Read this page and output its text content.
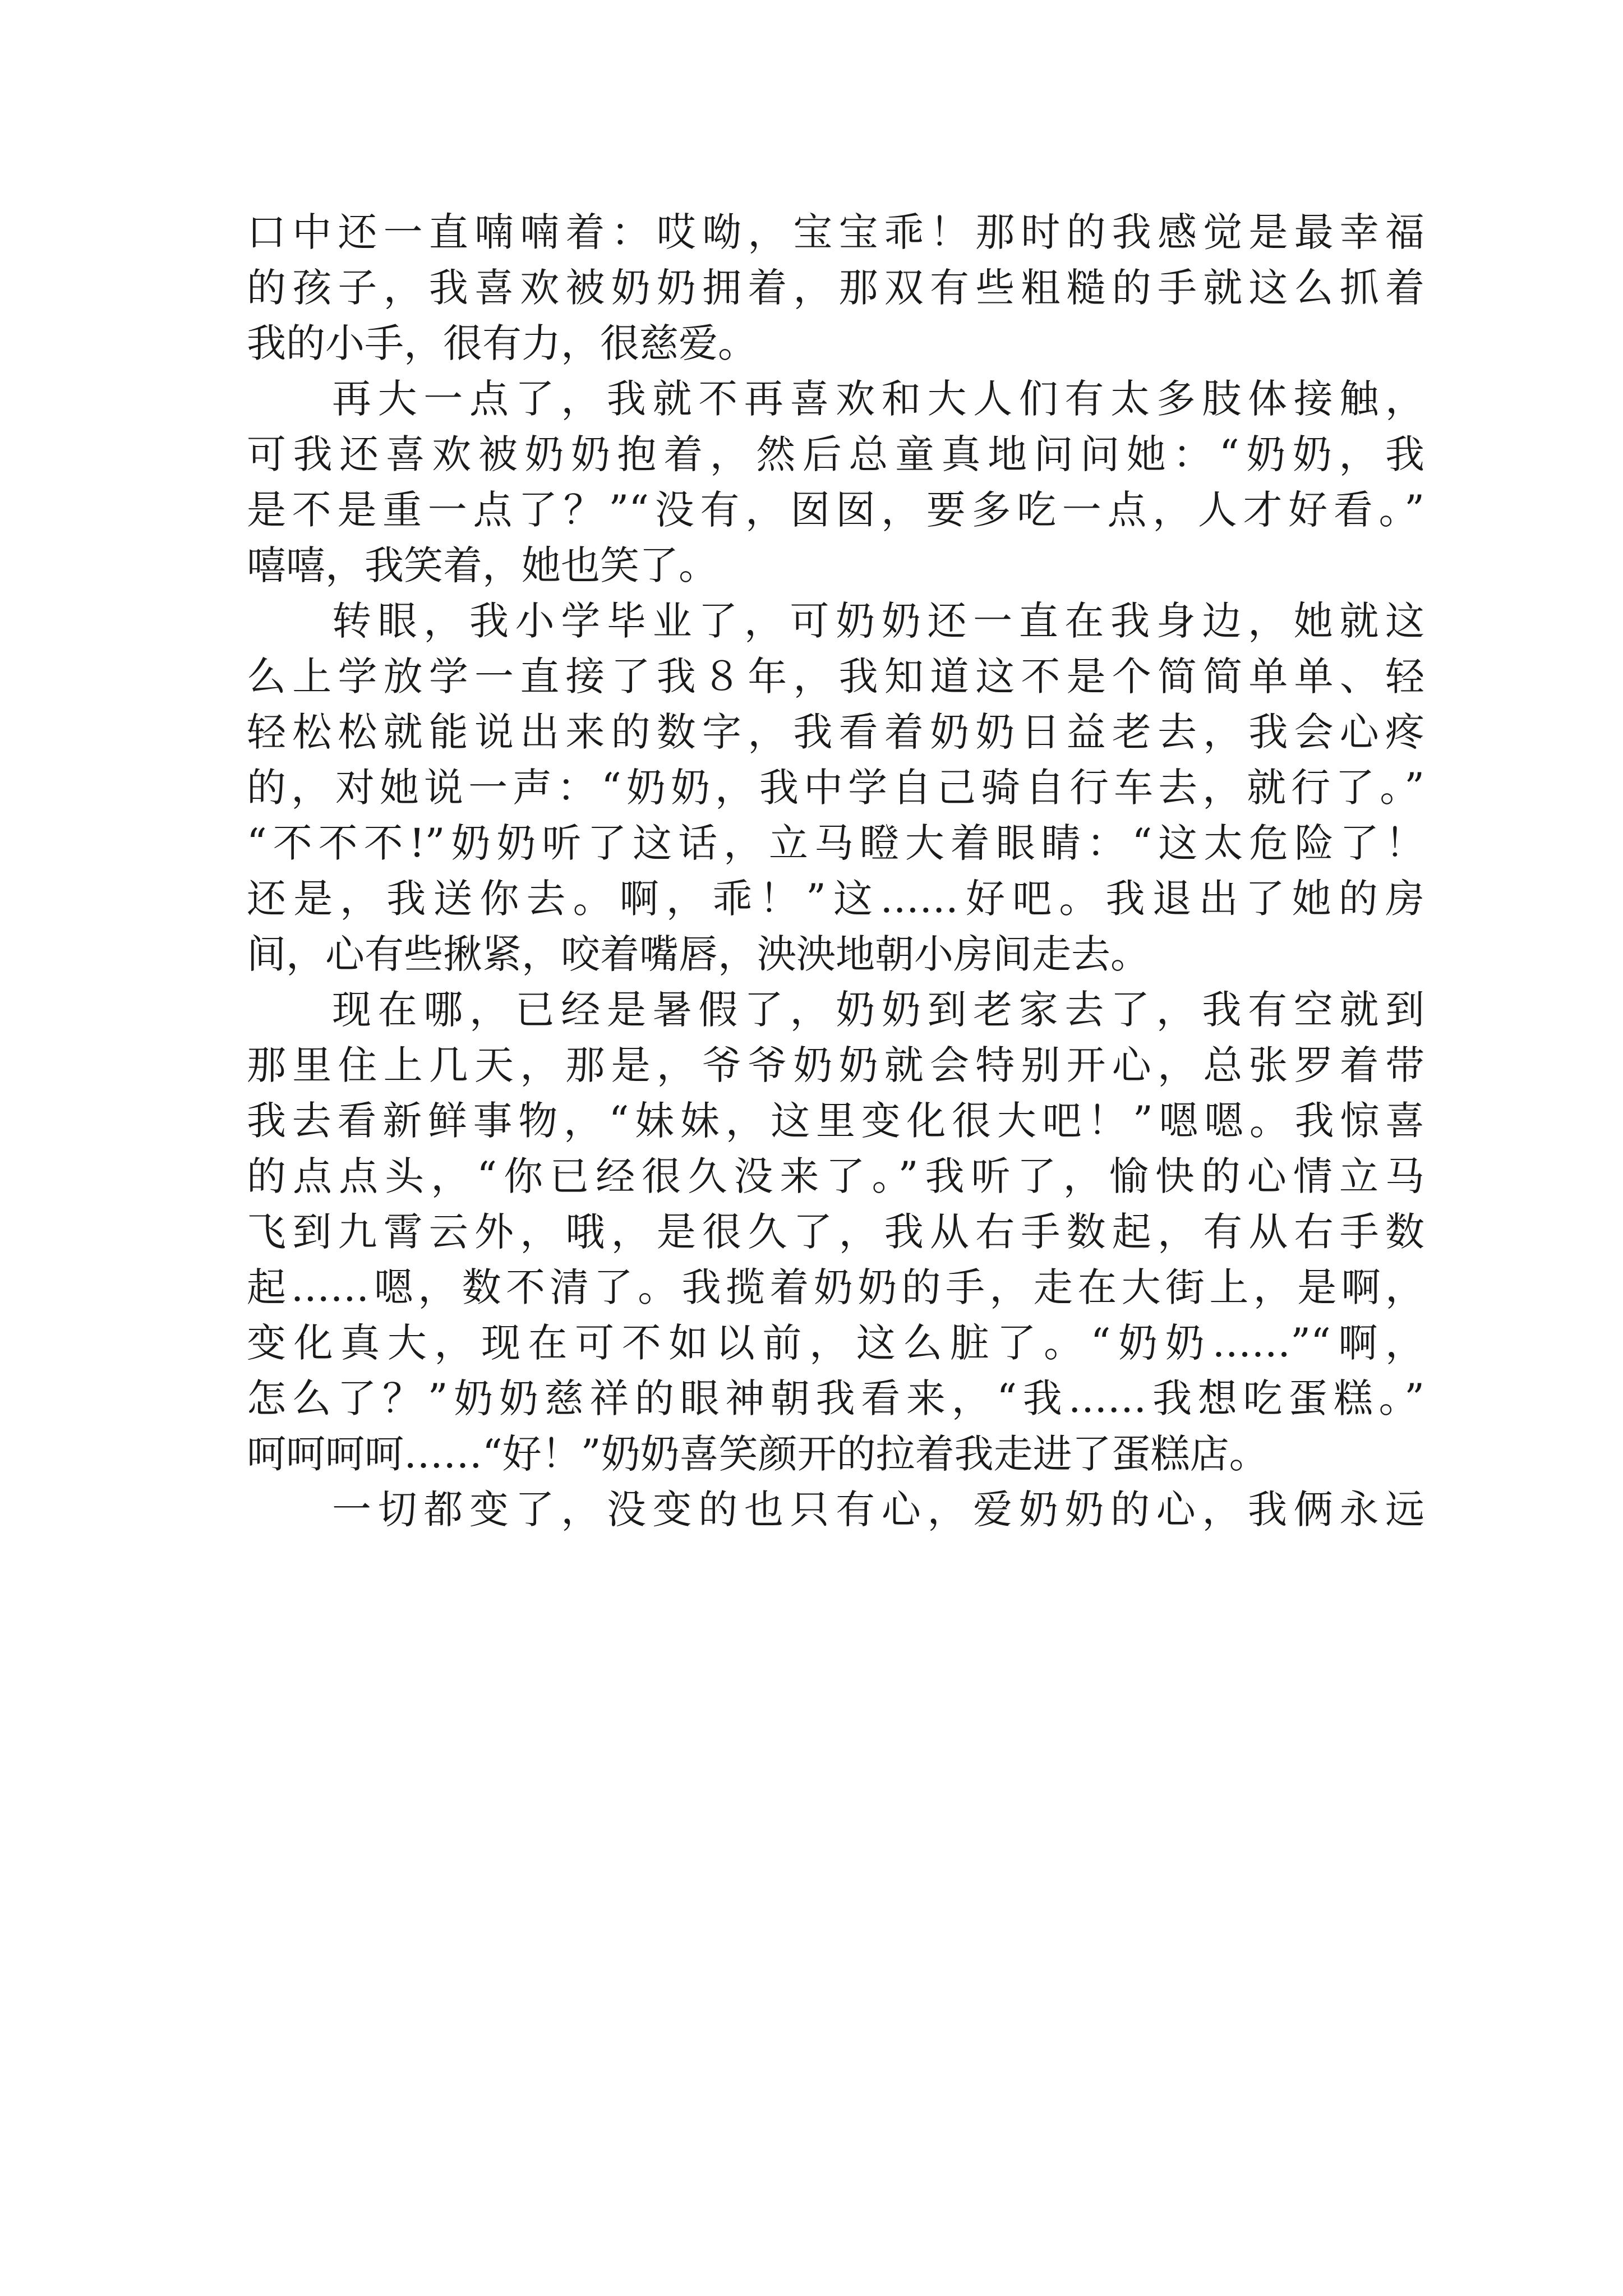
口中还一直喃喃着：哎呦，宝宝乖！那时的我感觉是最幸福
的孩子，我喜欢被奶奶拥着，那双有些粗糙的手就这么抓着
我的小手，很有力，很慈爱。
再大一点了，我就不再喜欢和大人们有太多肢体接触，
可我还喜欢被奶奶抱着，然后总童真地问问她：“奶奶，我
是不是重一点了？”“没有，囡囡，要多吃一点，人才好看。”
嘻嘻，我笑着，她也笑了。
转眼，我小学毕业了，可奶奶还一直在我身边，她就这
么上学放学一直接了我８年，我知道这不是个简简单单、轻
轻松松就能说出来的数字，我看着奶奶日益老去，我会心疼
的，对她说一声：“奶奶，我中学自己骑自行车去，就行了。”
“不不不!”奶奶听了这话，立马瞪大着眼睛：“这太危险了！
还是，我送你去。啊，乖！”这……好吧。我退出了她的房
间，心有些揪紧，咬着嘴唇，泱泱地朝小房间走去。
现在哪，已经是暑假了，奶奶到老家去了，我有空就到
那里住上几天，那是，爷爷奶奶就会特别开心，总张罗着带
我去看新鲜事物，“妹妹，这里变化很大吧！”嗯嗯。我惊喜
的点点头，“你已经很久没来了。”我听了，愉快的心情立马
飞到九霄云外，哦，是很久了，我从右手数起，有从右手数
起……嗯，数不清了。我揽着奶奶的手，走在大街上，是啊，
变化真大，现在可不如以前，这么脏了。“奶奶……”“啊，
怎么了？”奶奶慈祥的眼神朝我看来，“我……我想吃蛋糕。”
呵呵呵呵……“好！”奶奶喜笑颜开的拉着我走进了蛋糕店。
一切都变了，没变的也只有心，爱奶奶的心，我俩永远
